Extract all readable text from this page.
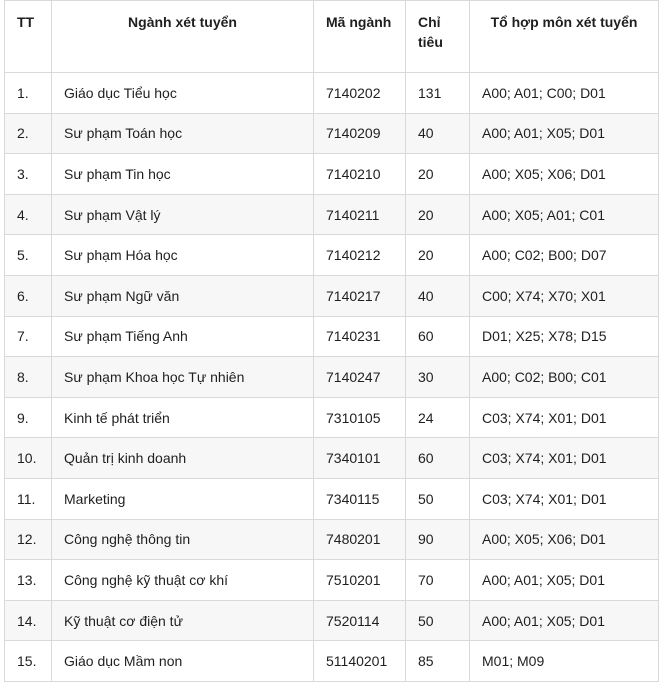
TT	Ngành xét tuyển	Mã ngành	Chỉ tiêu	Tổ hợp môn xét tuyển
1.	Giáo dục Tiểu học	7140202	131	A00; A01; C00; D01
2.	Sư phạm Toán học	7140209	40	A00; A01; X05; D01
3.	Sư phạm Tin học	7140210	20	A00; X05; X06; D01
4.	Sư phạm Vật lý	7140211	20	A00; X05; A01; C01
5.	Sư phạm Hóa học	7140212	20	A00; C02; B00; D07
6.	Sư phạm Ngữ văn	7140217	40	C00; X74; X70; X01
7.	Sư phạm Tiếng Anh	7140231	60	D01; X25; X78; D15
8.	Sư phạm Khoa học Tự nhiên	7140247	30	A00; C02; B00; C01
9.	Kinh tế phát triển	7310105	24	C03; X74; X01; D01
10.	Quản trị kinh doanh	7340101	60	C03; X74; X01; D01
11.	Marketing	7340115	50	C03; X74; X01; D01
12.	Công nghệ thông tin	7480201	90	A00; X05; X06; D01
13.	Công nghệ kỹ thuật cơ khí	7510201	70	A00; A01; X05; D01
14.	Kỹ thuật cơ điện tử	7520114	50	A00; A01; X05; D01
15.	Giáo dục Mầm non	51140201	85	M01; M09
